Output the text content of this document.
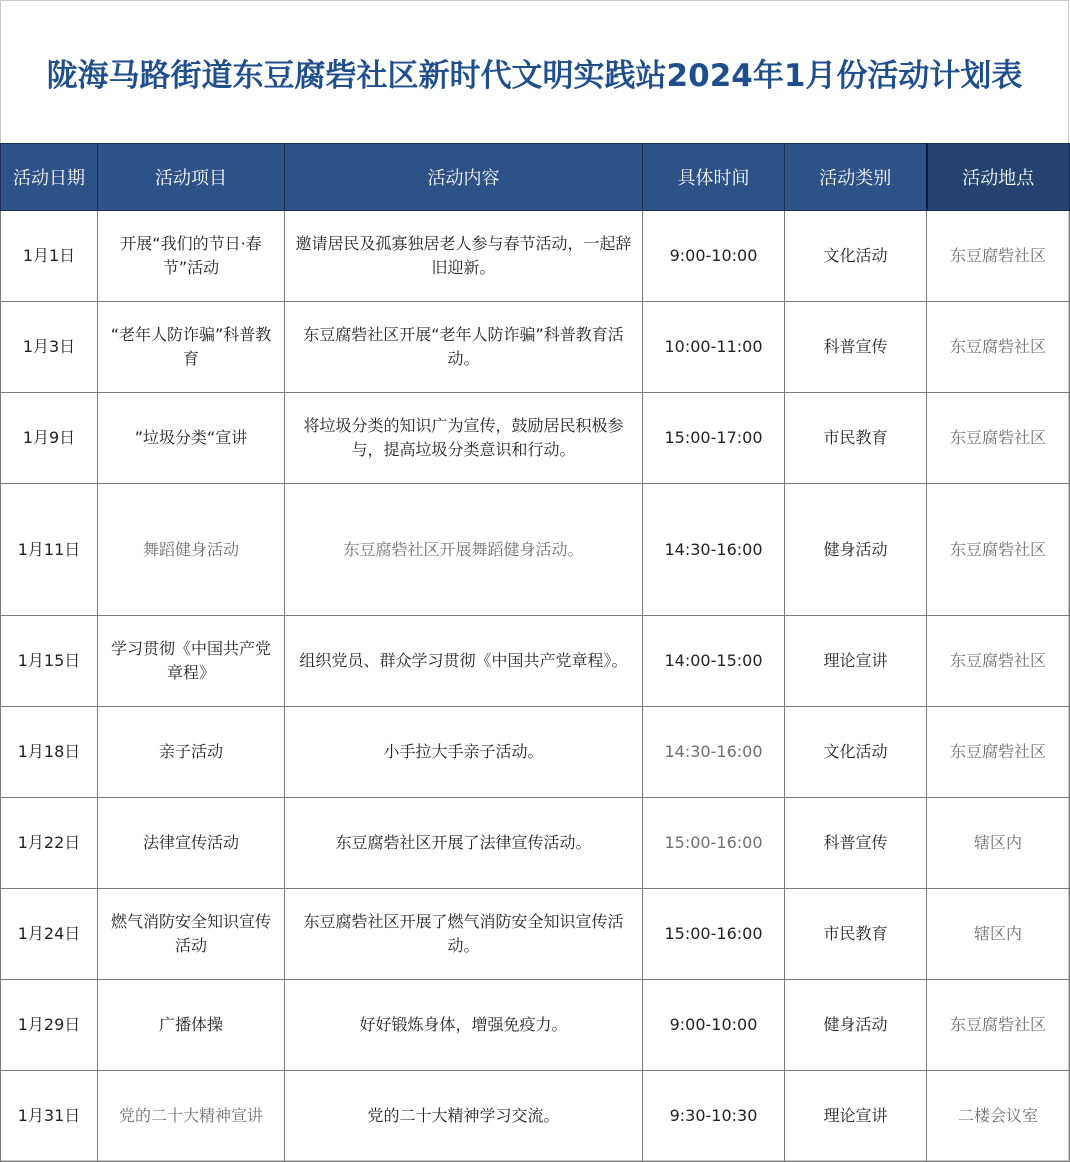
陇海马路街道东豆腐砦社区新时代文明实践站2024年1月份活动计划表
活动日期	活动项目	活动内容	具体时间	活动类别	活动地点
1月1日	开展“我们的节日·春节”活动	邀请居民及孤寡独居老人参与春节活动，一起辞旧迎新。	9:00-10:00	文化活动	东豆腐砦社区
1月3日	“老年人防诈骗”科普教育	东豆腐砦社区开展“老年人防诈骗”科普教育活动。	10:00-11:00	科普宣传	东豆腐砦社区
1月9日	”垃圾分类“宣讲	将垃圾分类的知识广为宣传，鼓励居民积极参与，提高垃圾分类意识和行动。	15:00-17:00	市民教育	东豆腐砦社区
1月11日	舞蹈健身活动	东豆腐砦社区开展舞蹈健身活动。	14:30-16:00	健身活动	东豆腐砦社区
1月15日	学习贯彻《中国共产党章程》	组织党员、群众学习贯彻《中国共产党章程》。	14:00-15:00	理论宣讲	东豆腐砦社区
1月18日	亲子活动	小手拉大手亲子活动。	14:30-16:00	文化活动	东豆腐砦社区
1月22日	法律宣传活动	东豆腐砦社区开展了法律宣传活动。	15:00-16:00	科普宣传	辖区内
1月24日	燃气消防安全知识宣传活动	东豆腐砦社区开展了燃气消防安全知识宣传活动。	15:00-16:00	市民教育	辖区内
1月29日	广播体操	好好锻炼身体，增强免疫力。	9:00-10:00	健身活动	东豆腐砦社区
1月31日	党的二十大精神宣讲	党的二十大精神学习交流。	9:30-10:30	理论宣讲	二楼会议室
